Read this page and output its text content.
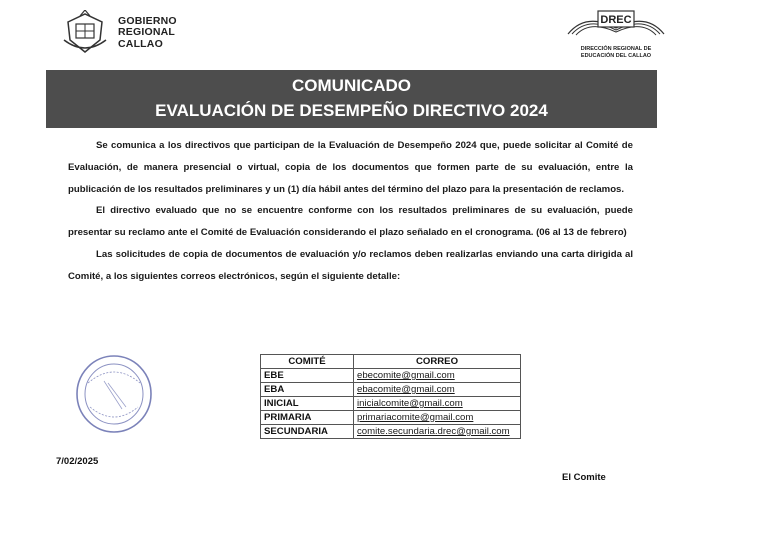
GOBIERNO
REGIONAL
CALLAO
DREC
DIRECCIÓN REGIONAL DE
EDUCACIÓN DEL CALLAO
COMUNICADO
EVALUACIÓN DE DESEMPEÑO DIRECTIVO 2024

Se comunica a los directivos que participan de la Evaluación de Desempeño 2024 que, puede solicitar al Comité de Evaluación, de manera presencial o virtual, copia de los documentos que formen parte de su evaluación, entre la publicación de los resultados preliminares y un (1) día hábil antes del término del plazo para la presentación de reclamos.

El directivo evaluado que no se encuentre conforme con los resultados preliminares de su evaluación, puede presentar su reclamo ante el Comité de Evaluación considerando el plazo señalado en el cronograma. (06 al 13 de febrero)

Las solicitudes de copia de documentos de evaluación y/o reclamos deben realizarlas enviando una carta dirigida al Comité, a los siguientes correos electrónicos, según el siguiente detalle:

COMITÉ	CORREO
EBE	ebecomite@gmail.com
EBA	ebacomite@gmail.com
INICIAL	inicialcomite@gmail.com
PRIMARIA	primariacomite@gmail.com
SECUNDARIA	comite.secundaria.drec@gmail.com
7/02/2025
El Comite
